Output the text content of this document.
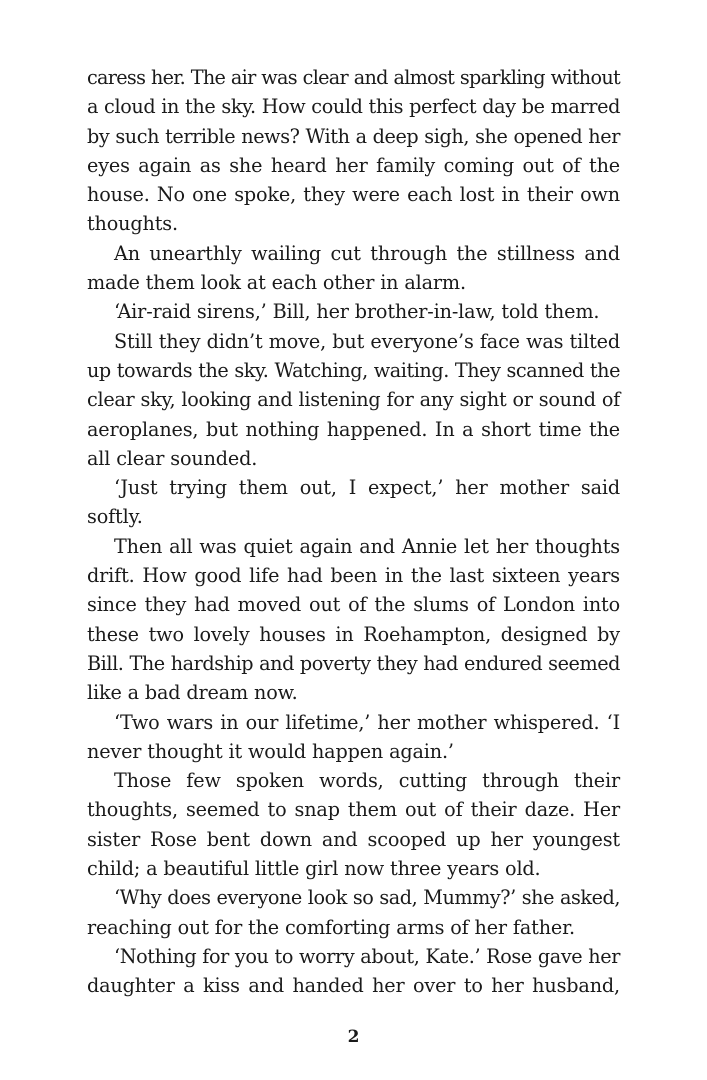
caress her. The air was clear and almost sparkling without
a cloud in the sky. How could this perfect day be marred
by such terrible news? With a deep sigh, she opened her
eyes again as she heard her family coming out of the
house. No one spoke, they were each lost in their own
thoughts.
An unearthly wailing cut through the stillness and
made them look at each other in alarm.
‘Air-raid sirens,’ Bill, her brother-in-law, told them.
Still they didn’t move, but everyone’s face was tilted
up towards the sky. Watching, waiting. They scanned the
clear sky, looking and listening for any sight or sound of
aeroplanes, but nothing happened. In a short time the
all clear sounded.
‘Just trying them out, I expect,’ her mother said
softly.
Then all was quiet again and Annie let her thoughts
drift. How good life had been in the last sixteen years
since they had moved out of the slums of London into
these two lovely houses in Roehampton, designed by
Bill. The hardship and poverty they had endured seemed
like a bad dream now.
‘Two wars in our lifetime,’ her mother whispered. ‘I
never thought it would happen again.’
Those few spoken words, cutting through their
thoughts, seemed to snap them out of their daze. Her
sister Rose bent down and scooped up her youngest
child; a beautiful little girl now three years old.
‘Why does everyone look so sad, Mummy?’ she asked,
reaching out for the comforting arms of her father.
‘Nothing for you to worry about, Kate.’ Rose gave her
daughter a kiss and handed her over to her husband,
2
